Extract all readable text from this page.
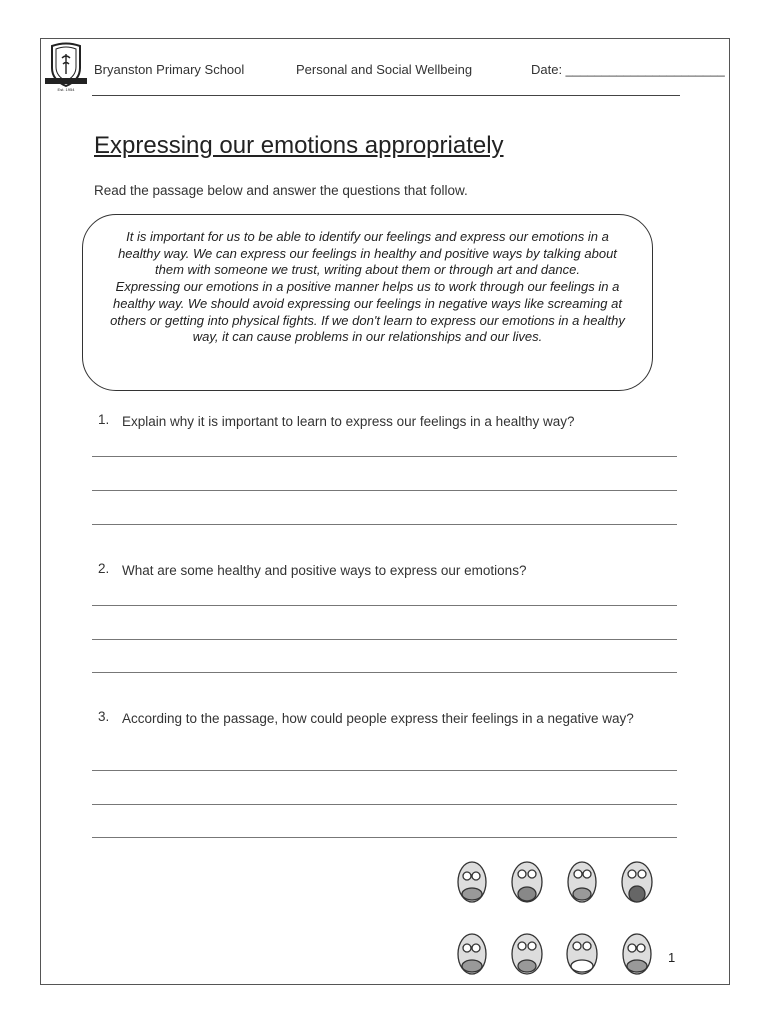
Est. 1954
Bryanston Primary School	Personal and Social Wellbeing	Date: ______________________
Expressing our emotions appropriately
Read the passage below and answer the questions that follow.

It is important for us to be able to identify our feelings and express our emotions in a healthy way. We can express our feelings in healthy and positive ways by talking about them with someone we trust, writing about them or through art and dance.

Expressing our emotions in a positive manner helps us to work through our feelings in a healthy way. We should avoid expressing our feelings in negative ways like screaming at others or getting into physical fights. If we don't learn to express our emotions in a healthy way, it can cause problems in our relationships and our lives.

1. Explain why it is important to learn to express our feelings in a healthy way?
2. What are some healthy and positive ways to express our emotions?
3. According to the passage, how could people express their feelings in a negative way?
1
